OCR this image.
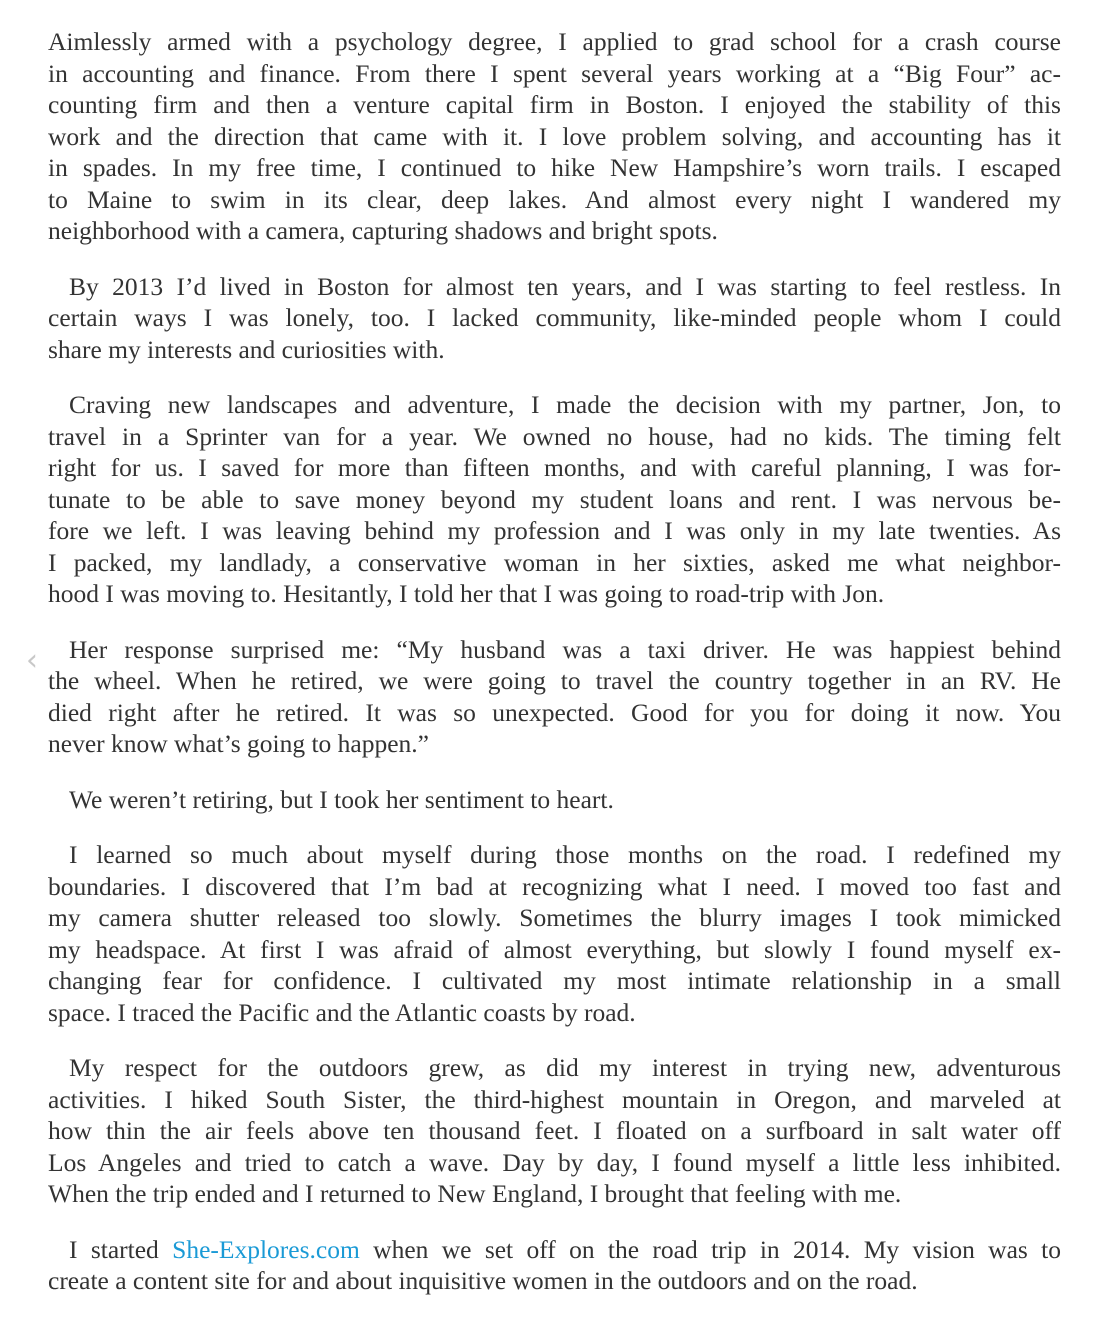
‹
Aimlessly armed with a psychology degree, I applied to grad school for a crash course
in accounting and finance. From there I spent several years working at a “Big Four” ac-
counting firm and then a venture capital firm in Boston. I enjoyed the stability of this
work and the direction that came with it. I love problem solving, and accounting has it
in spades. In my free time, I continued to hike New Hampshire’s worn trails. I escaped
to Maine to swim in its clear, deep lakes. And almost every night I wandered my
neighborhood with a camera, capturing shadows and bright spots.
By 2013 I’d lived in Boston for almost ten years, and I was starting to feel restless. In
certain ways I was lonely, too. I lacked community, like-minded people whom I could
share my interests and curiosities with.
Craving new landscapes and adventure, I made the decision with my partner, Jon, to
travel in a Sprinter van for a year. We owned no house, had no kids. The timing felt
right for us. I saved for more than fifteen months, and with careful planning, I was for-
tunate to be able to save money beyond my student loans and rent. I was nervous be-
fore we left. I was leaving behind my profession and I was only in my late twenties. As
I packed, my landlady, a conservative woman in her sixties, asked me what neighbor-
hood I was moving to. Hesitantly, I told her that I was going to road-trip with Jon.
Her response surprised me: “My husband was a taxi driver. He was happiest behind
the wheel. When he retired, we were going to travel the country together in an RV. He
died right after he retired. It was so unexpected. Good for you for doing it now. You
never know what’s going to happen.”
We weren’t retiring, but I took her sentiment to heart.
I learned so much about myself during those months on the road. I redefined my
boundaries. I discovered that I’m bad at recognizing what I need. I moved too fast and
my camera shutter released too slowly. Sometimes the blurry images I took mimicked
my headspace. At first I was afraid of almost everything, but slowly I found myself ex-
changing fear for confidence. I cultivated my most intimate relationship in a small
space. I traced the Pacific and the Atlantic coasts by road.
My respect for the outdoors grew, as did my interest in trying new, adventurous
activities. I hiked South Sister, the third-highest mountain in Oregon, and marveled at
how thin the air feels above ten thousand feet. I floated on a surfboard in salt water off
Los Angeles and tried to catch a wave. Day by day, I found myself a little less inhibited.
When the trip ended and I returned to New England, I brought that feeling with me.
I started She-Explores.com when we set off on the road trip in 2014. My vision was to
create a content site for and about inquisitive women in the outdoors and on the road.
